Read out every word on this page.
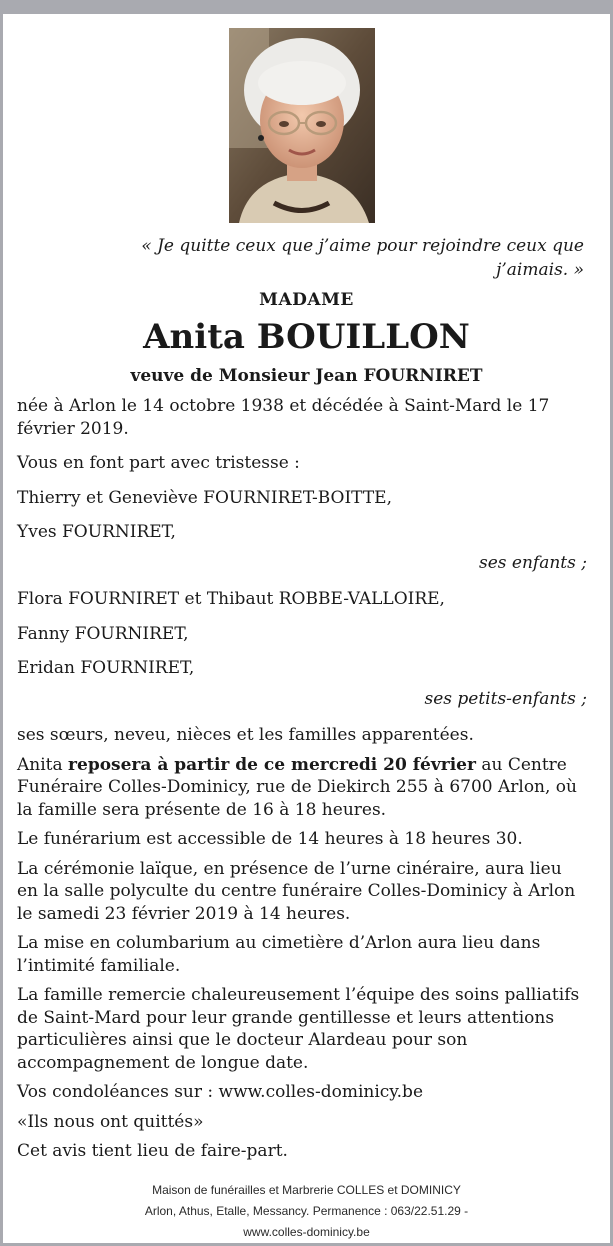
« Je quitte ceux que j’aime pour rejoindre ceux que j’aimais. »
MADAME
Anita BOUILLON
veuve de Monsieur Jean FOURNIRET

née à Arlon le 14 octobre 1938 et décédée à Saint-Mard le 17 février 2019.

Vous en font part avec tristesse :

Thierry et Geneviève FOURNIRET-BOITTE,

Yves FOURNIRET,

ses enfants ;

Flora FOURNIRET et Thibaut ROBBE-VALLOIRE,

Fanny FOURNIRET,

Eridan FOURNIRET,

ses petits-enfants ;

ses sœurs, neveu, nièces et les familles apparentées.

Anita reposera à partir de ce mercredi 20 février au Centre Funéraire Colles-Dominicy, rue de Diekirch 255 à 6700 Arlon, où la famille sera présente de 16 à 18 heures.

Le funérarium est accessible de 14 heures à 18 heures 30.

La cérémonie laïque, en présence de l’urne cinéraire, aura lieu en la salle polyculte du centre funéraire Colles-Dominicy à Arlon le samedi 23 février 2019 à 14 heures.

La mise en columbarium au cimetière d’Arlon aura lieu dans l’intimité familiale.

La famille remercie chaleureusement l’équipe des soins palliatifs de Saint-Mard pour leur grande gentillesse et leurs attentions particulières ainsi que le docteur Alardeau pour son accompagnement de longue date.

Vos condoléances sur : www.colles-dominicy.be

«Ils nous ont quittés»

Cet avis tient lieu de faire-part.

Maison de funérailles et Marbrerie COLLES et DOMINICY
Arlon, Athus, Etalle, Messancy. Permanence : 063/22.51.29 -
www.colles-dominicy.be
